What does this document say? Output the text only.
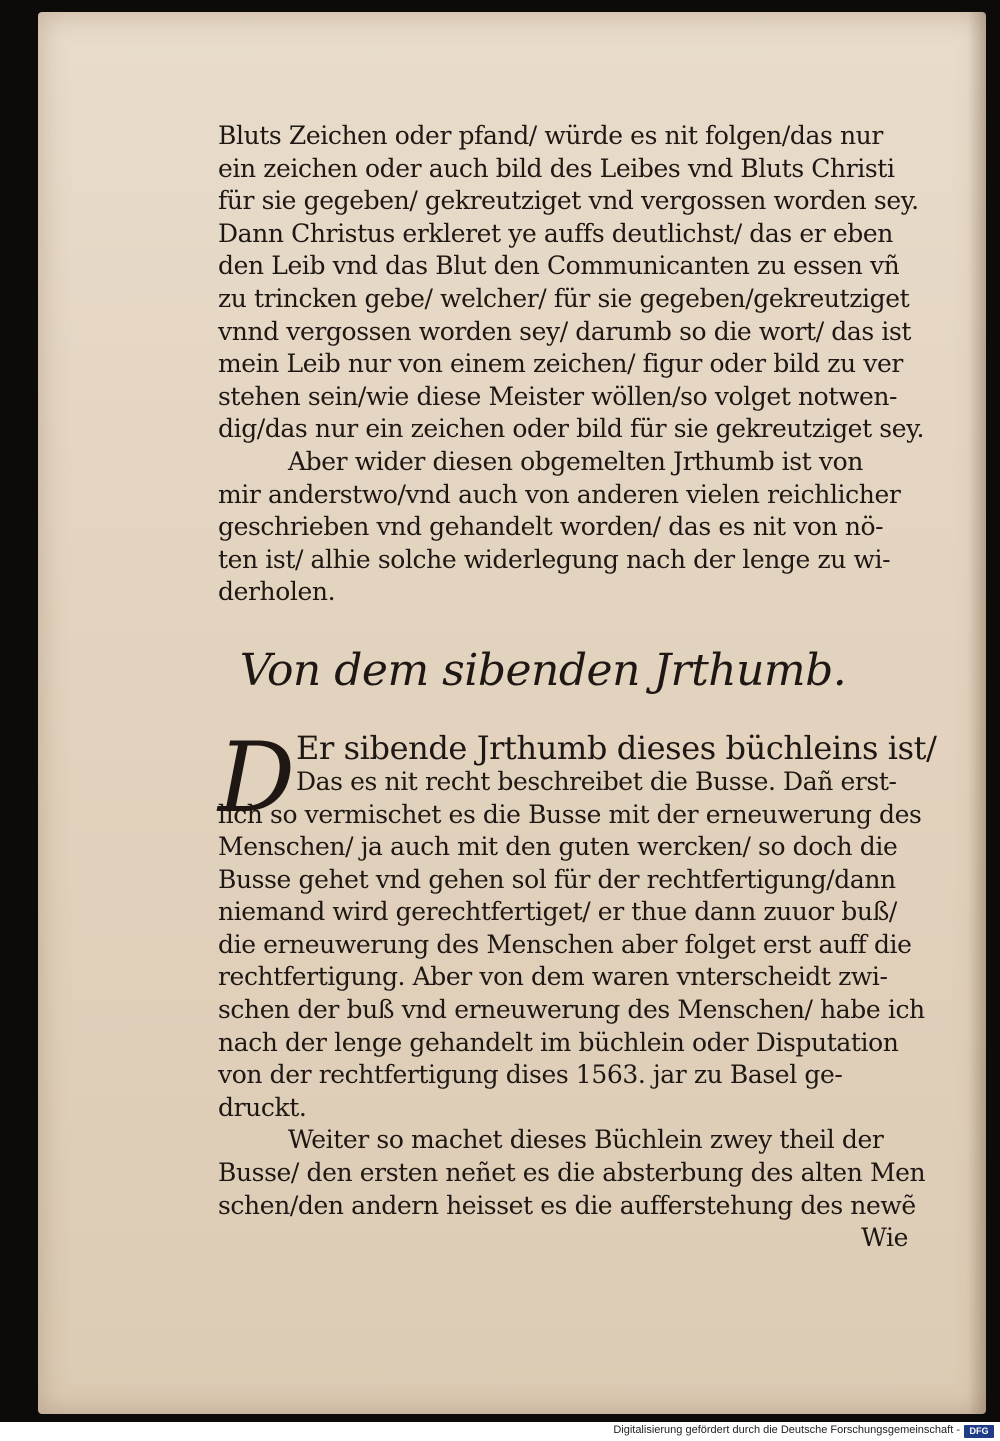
Bluts Zeichen oder pfand/ würde es nit folgen/das nur
ein zeichen oder auch bild des Leibes vnd Bluts Christi
für sie gegeben/ gekreutziget vnd vergossen worden sey.
Dann Christus erkleret ye auffs deutlichst/ das er eben
den Leib vnd das Blut den Communicanten zu essen vñ
zu trincken gebe/ welcher/ für sie gegeben/gekreutziget
vnnd vergossen worden sey/ darumb so die wort/ das ist
mein Leib nur von einem zeichen/ figur oder bild zu ver
stehen sein/wie diese Meister wöllen/so volget notwen-
dig/das nur ein zeichen oder bild für sie gekreutziget sey.
Aber wider diesen obgemelten Jrthumb ist von
mir anderstwo/vnd auch von anderen vielen reichlicher
geschrieben vnd gehandelt worden/ das es nit von nö-
ten ist/ alhie solche widerlegung nach der lenge zu wi-
derholen.
Von dem sibenden Jrthumb.
D Er sibende Jrthumb dieses büchleins ist/
Das es nit recht beschreibet die Busse. Dañ erst-
lich so vermischet es die Busse mit der erneuwerung des
Menschen/ ja auch mit den guten wercken/ so doch die
Busse gehet vnd gehen sol für der rechtfertigung/dann
niemand wird gerechtfertiget/ er thue dann zuuor buß/
die erneuwerung des Menschen aber folget erst auff die
rechtfertigung. Aber von dem waren vnterscheidt zwi-
schen der buß vnd erneuwerung des Menschen/ habe ich
nach der lenge gehandelt im büchlein oder Disputation
von der rechtfertigung dises 1563. jar zu Basel ge-
druckt.
Weiter so machet dieses Büchlein zwey theil der
Busse/ den ersten neñet es die absterbung des alten Men
schen/den andern heisset es die aufferstehung des newẽ
Wie
Digitalisierung gefördert durch die Deutsche Forschungsgemeinschaft -	DFG
